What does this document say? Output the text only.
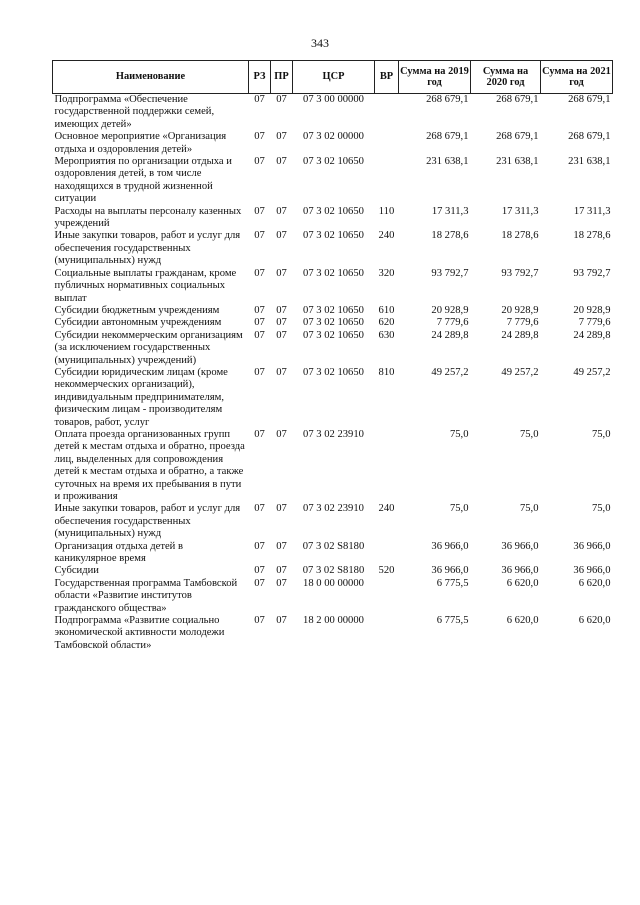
343
Наименование	РЗ	ПР	ЦСР	ВР	Сумма на 2019 год	Сумма на 2020 год	Сумма на 2021 год
Подпрограмма «Обеспечение государственной поддержки семей, имеющих детей»	07	07	07 3 00 00000		268 679,1	268 679,1	268 679,1
Основное мероприятие «Организация отдыха и оздоровления детей»	07	07	07 3 02 00000		268 679,1	268 679,1	268 679,1
Мероприятия по организации отдыха и оздоровления детей, в том числе находящихся в трудной жизненной ситуации	07	07	07 3 02 10650		231 638,1	231 638,1	231 638,1
Расходы на выплаты персоналу казенных учреждений	07	07	07 3 02 10650	110	17 311,3	17 311,3	17 311,3
Иные закупки товаров, работ и услуг для обеспечения государственных (муниципальных) нужд	07	07	07 3 02 10650	240	18 278,6	18 278,6	18 278,6
Социальные выплаты гражданам, кроме публичных нормативных социальных выплат	07	07	07 3 02 10650	320	93 792,7	93 792,7	93 792,7
Субсидии бюджетным учреждениям	07	07	07 3 02 10650	610	20 928,9	20 928,9	20 928,9
Субсидии автономным учреждениям	07	07	07 3 02 10650	620	7 779,6	7 779,6	7 779,6
Субсидии некоммерческим организациям (за исключением государственных (муниципальных) учреждений)	07	07	07 3 02 10650	630	24 289,8	24 289,8	24 289,8
Субсидии юридическим лицам (кроме некоммерческих организаций), индивидуальным предпринимателям, физическим лицам - производителям товаров, работ, услуг	07	07	07 3 02 10650	810	49 257,2	49 257,2	49 257,2
Оплата проезда организованных групп детей к местам отдыха и обратно, проезда лиц, выделенных для сопровождения детей к местам отдыха и обратно, а также суточных на время их пребывания в пути и проживания	07	07	07 3 02 23910		75,0	75,0	75,0
Иные закупки товаров, работ и услуг для обеспечения государственных (муниципальных) нужд	07	07	07 3 02 23910	240	75,0	75,0	75,0
Организация отдыха детей в каникулярное время	07	07	07 3 02 S8180		36 966,0	36 966,0	36 966,0
Субсидии	07	07	07 3 02 S8180	520	36 966,0	36 966,0	36 966,0
Государственная программа Тамбовской области «Развитие институтов гражданского общества»	07	07	18 0 00 00000		6 775,5	6 620,0	6 620,0
Подпрограмма «Развитие социально экономической активности молодежи Тамбовской области»	07	07	18 2 00 00000		6 775,5	6 620,0	6 620,0
